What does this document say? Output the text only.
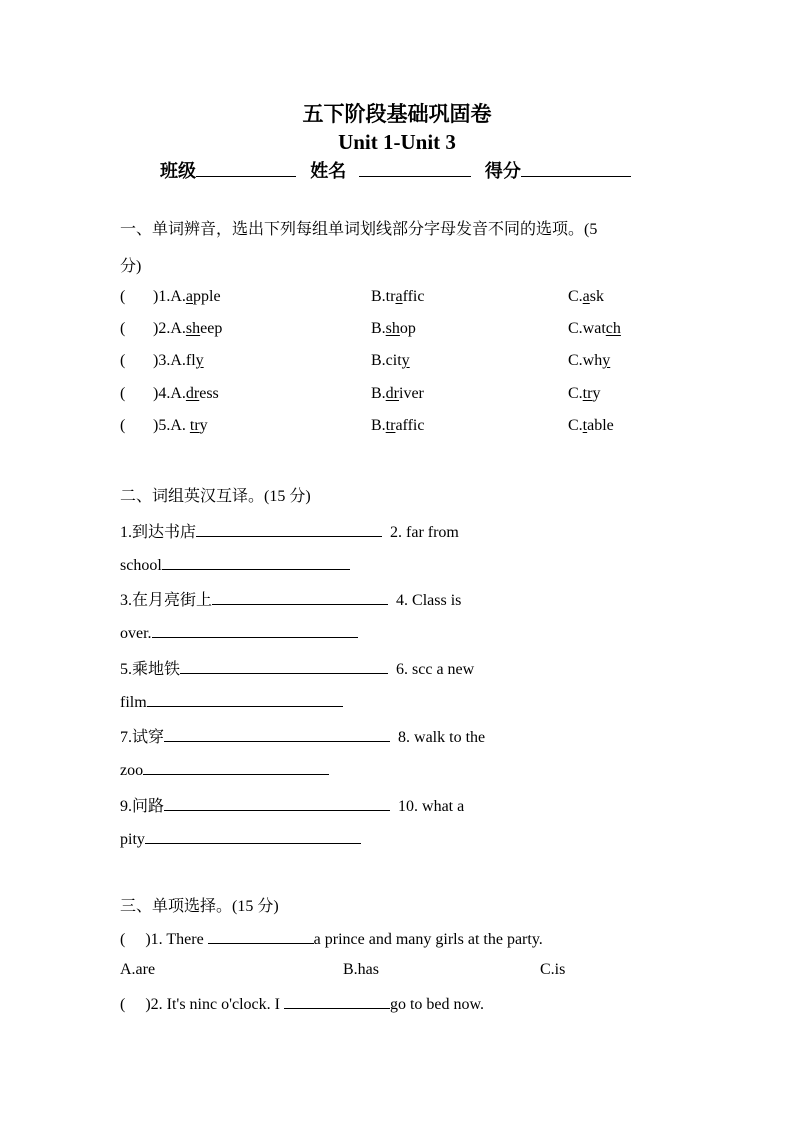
五下阶段基础巩固卷
Unit 1-Unit 3
班级	姓名	得分
一、单词辨音，选出下列每组单词划线部分字母发音不同的选项。(5
分)
( )1.A.apple	B.traffic	C.ask
( )2.A.sheep	B.shop	C.watch
( )3.A.fly	B.city	C.why
( )4.A.dress	B.driver	C.try
( )5.A. try	B.traffic	C.table
二、词组英汉互译。(15 分)
1.到达书店	2. far from
school
3.在月亮街上	4. Class is
over.
5.乘地铁	6. scc a new
film
7.试穿	8. walk to the
zoo
9.问路	10. what a
pity
三、单项选择。(15 分)
( )1. There	a prince and many girls at the party.
A.are	B.has	C.is
( )2. It's ninc o'clock. I	go to bed now.
